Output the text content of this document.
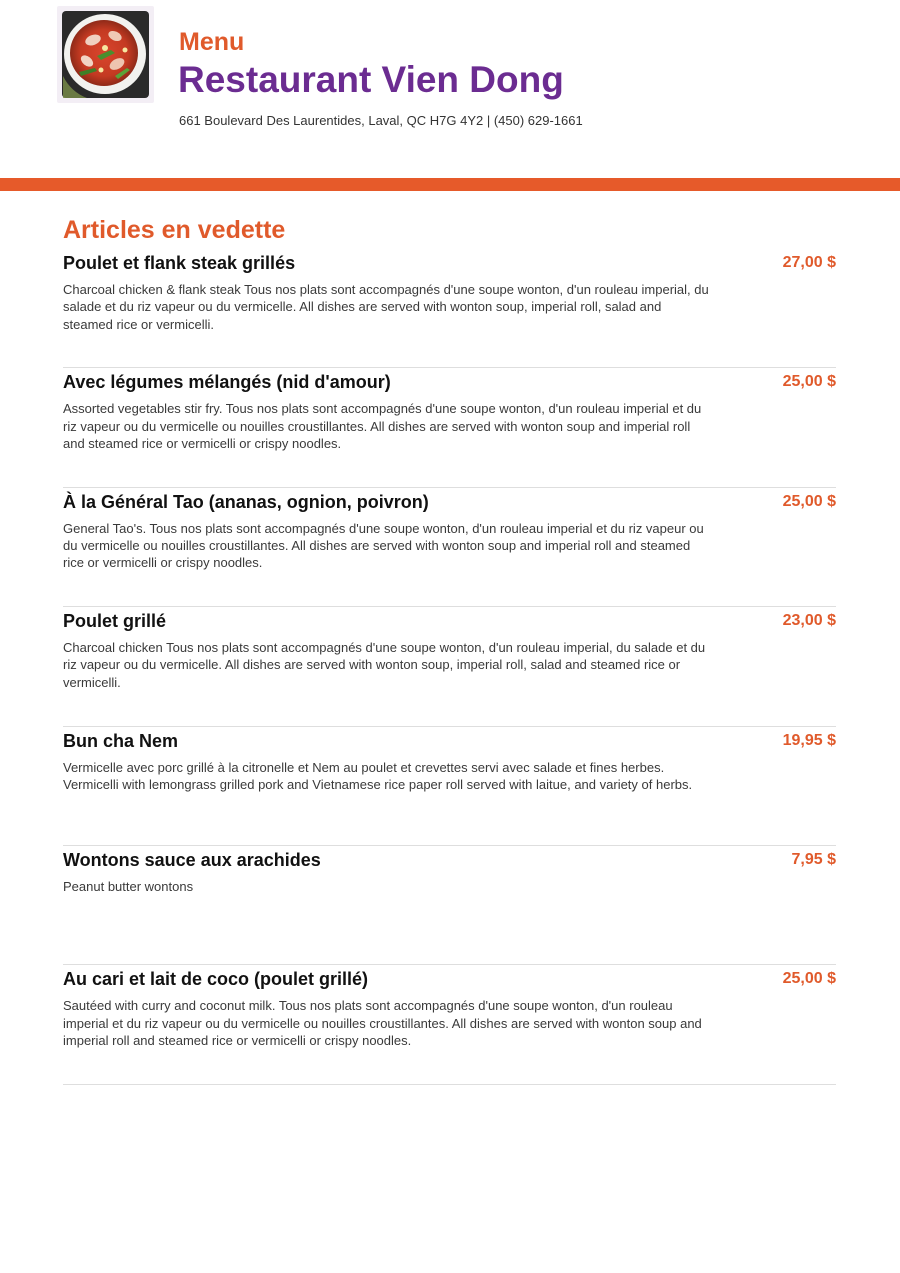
Menu
Restaurant Vien Dong
661 Boulevard Des Laurentides, Laval, QC H7G 4Y2 | (450) 629-1661
Articles en vedette
Poulet et flank steak grillés	27,00 $
Charcoal chicken & flank steak Tous nos plats sont accompagnés d'une soupe wonton, d'un rouleau imperial, du salade et du riz vapeur ou du vermicelle. All dishes are served with wonton soup, imperial roll, salad and steamed rice or vermicelli.
Avec légumes mélangés (nid d'amour)	25,00 $
Assorted vegetables stir fry. Tous nos plats sont accompagnés d'une soupe wonton, d'un rouleau imperial et du riz vapeur ou du vermicelle ou nouilles croustillantes. All dishes are served with wonton soup and imperial roll and steamed rice or vermicelli or crispy noodles.
À la Général Tao (ananas, ognion, poivron)	25,00 $
General Tao's. Tous nos plats sont accompagnés d'une soupe wonton, d'un rouleau imperial et du riz vapeur ou du vermicelle ou nouilles croustillantes. All dishes are served with wonton soup and imperial roll and steamed rice or vermicelli or crispy noodles.
Poulet grillé	23,00 $
Charcoal chicken Tous nos plats sont accompagnés d'une soupe wonton, d'un rouleau imperial, du salade et du riz vapeur ou du vermicelle. All dishes are served with wonton soup, imperial roll, salad and steamed rice or vermicelli.
Bun cha Nem	19,95 $
Vermicelle avec porc grillé à la citronelle et Nem au poulet et crevettes servi avec salade et fines herbes. Vermicelli with lemongrass grilled pork and Vietnamese rice paper roll served with laitue, and variety of herbs.
Wontons sauce aux arachides	7,95 $
Peanut butter wontons
Au cari et lait de coco (poulet grillé)	25,00 $
Sautéed with curry and coconut milk. Tous nos plats sont accompagnés d'une soupe wonton, d'un rouleau imperial et du riz vapeur ou du vermicelle ou nouilles croustillantes. All dishes are served with wonton soup and imperial roll and steamed rice or vermicelli or crispy noodles.
